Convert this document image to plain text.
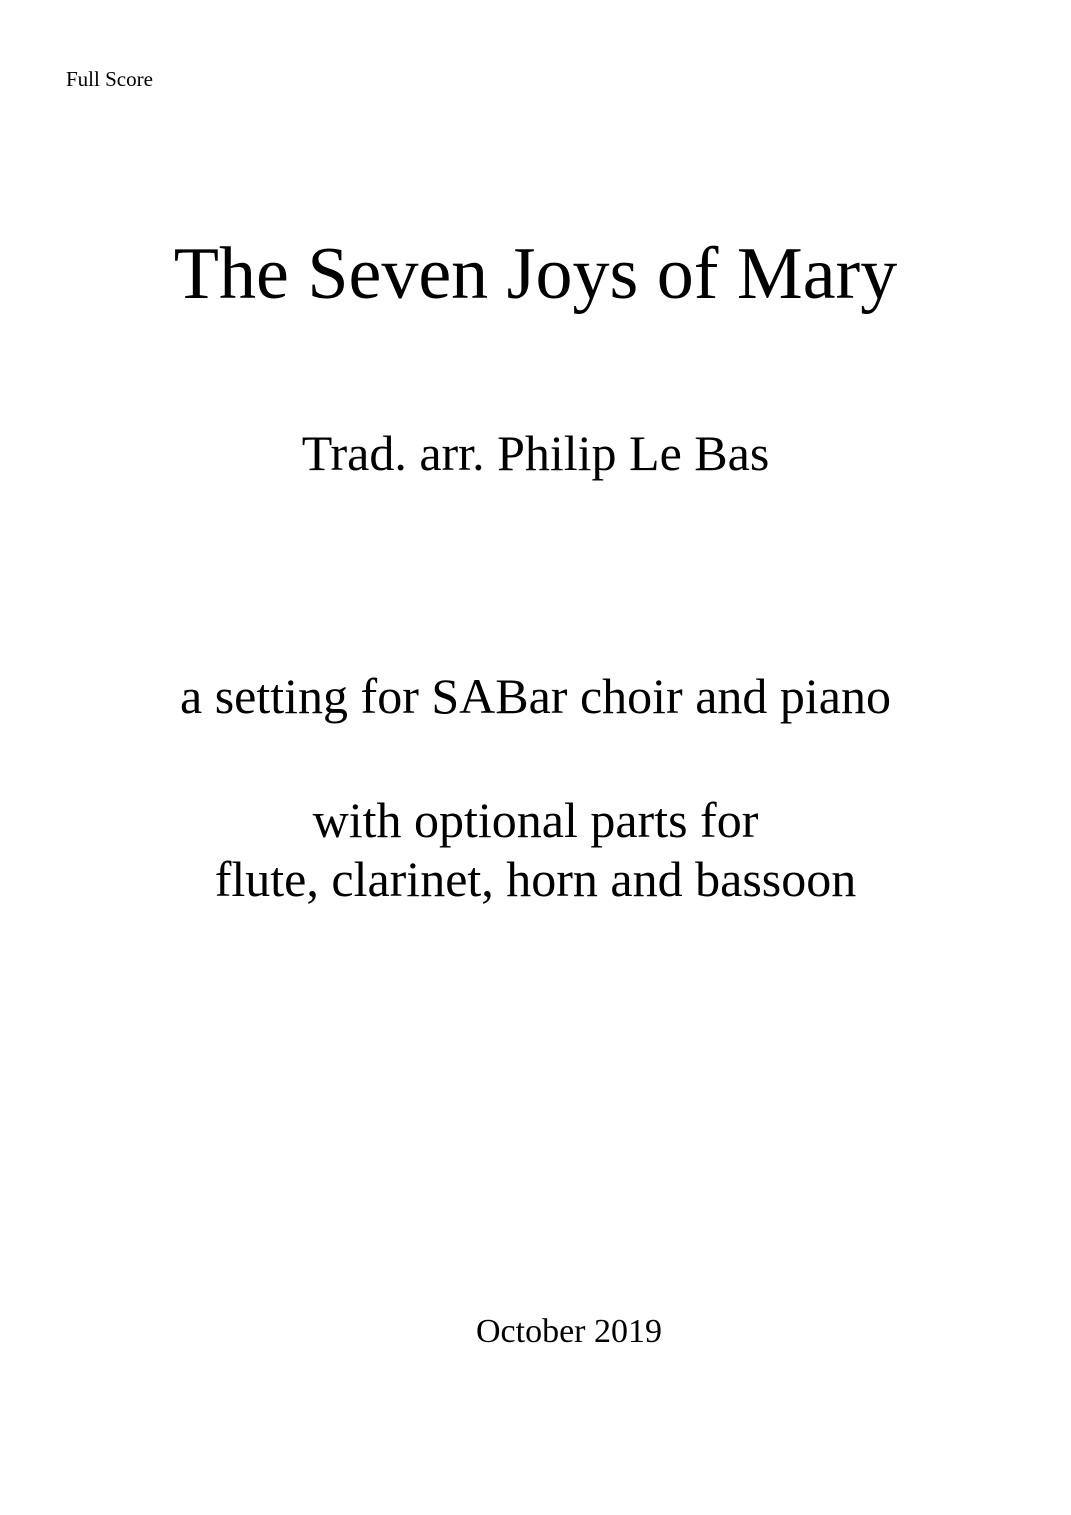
Full Score
The Seven Joys of Mary
Trad. arr. Philip Le Bas
a setting for SABar choir and piano
with optional parts for
flute, clarinet, horn and bassoon
October 2019
